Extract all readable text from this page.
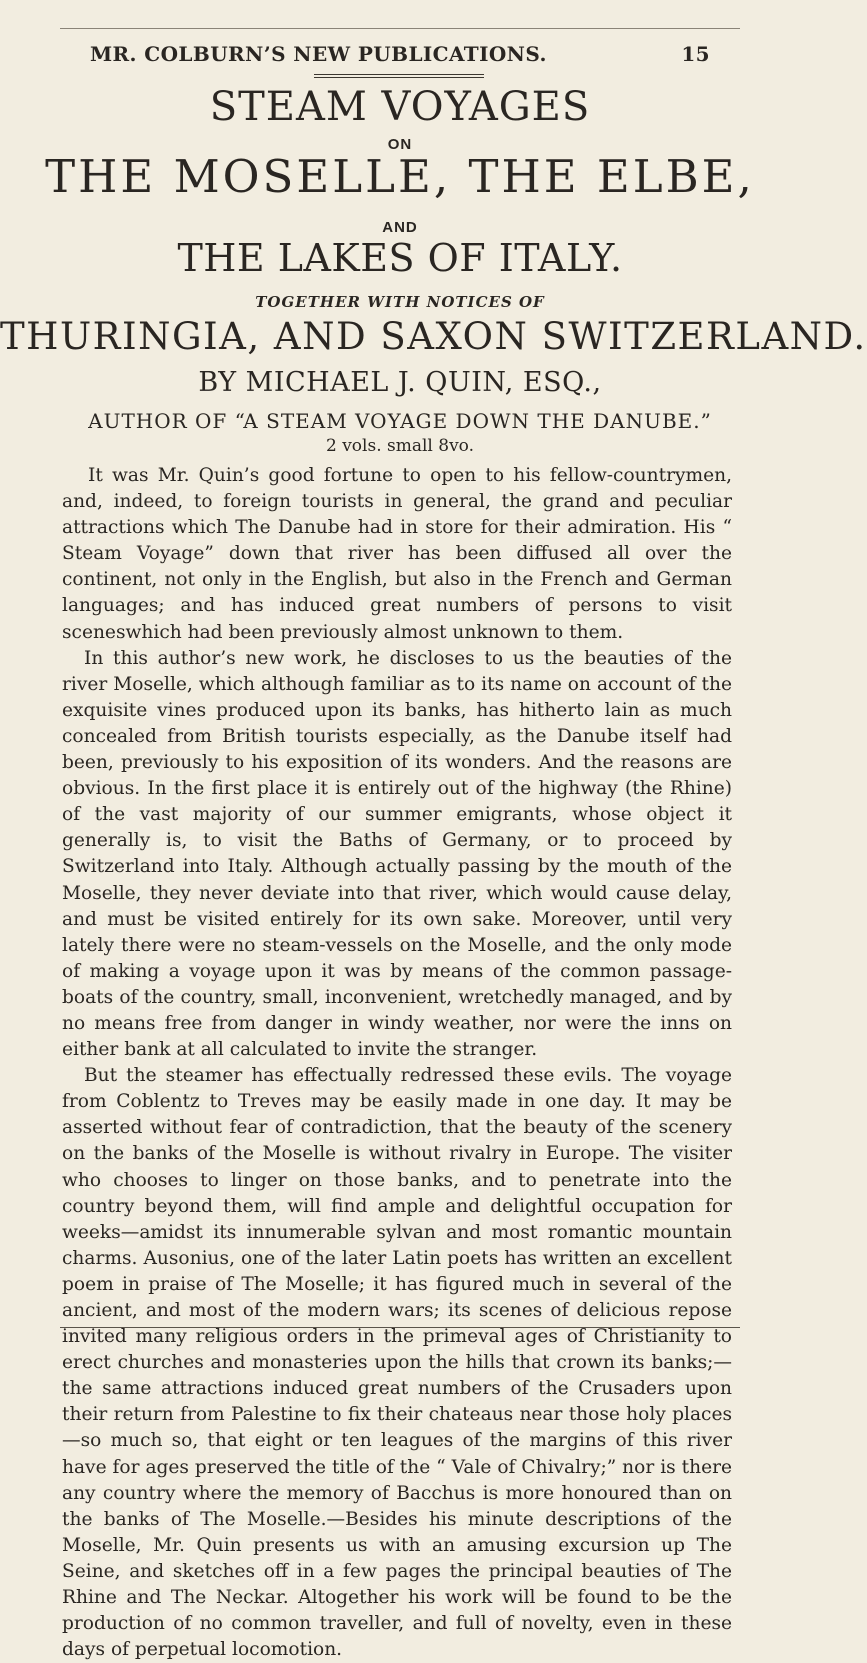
MR. COLBURN’S NEW PUBLICATIONS.	15
STEAM VOYAGES
ON
THE MOSELLE, THE ELBE,
AND
THE LAKES OF ITALY.
TOGETHER WITH NOTICES OF
THURINGIA, AND SAXON SWITZERLAND.
BY MICHAEL J. QUIN, ESQ.,
AUTHOR OF “A STEAM VOYAGE DOWN THE DANUBE.”
2 vols. small 8vo.

It was Mr. Quin’s good fortune to open to his fellow-countrymen, and, indeed, to foreign tourists in general, the grand and peculiar attractions which The Danube had in store for their admiration. His “ Steam Voyage” down that river has been diffused all over the continent, not only in the English, but also in the French and German languages; and has induced great numbers of persons to visit sceneswhich had been previously almost unknown to them.

In this author’s new work, he discloses to us the beauties of the river Moselle, which although familiar as to its name on account of the exquisite vines produced upon its banks, has hitherto lain as much concealed from British tourists especially, as the Danube itself had been, previously to his exposition of its wonders. And the reasons are obvious. In the first place it is entirely out of the highway (the Rhine) of the vast majority of our summer emigrants, whose object it generally is, to visit the Baths of Germany, or to proceed by Switzerland into Italy. Although actually passing by the mouth of the Moselle, they never deviate into that river, which would cause delay, and must be visited entirely for its own sake. Moreover, until very lately there were no steam-vessels on the Moselle, and the only mode of making a voyage upon it was by means of the common passage-boats of the country, small, inconvenient, wretchedly managed, and by no means free from danger in windy weather, nor were the inns on either bank at all calculated to invite the stranger.

But the steamer has effectually redressed these evils. The voyage from Coblentz to Treves may be easily made in one day. It may be asserted without fear of contradiction, that the beauty of the scenery on the banks of the Moselle is without rivalry in Europe. The visiter who chooses to linger on those banks, and to penetrate into the country beyond them, will find ample and delightful occupation for weeks—amidst its innumerable sylvan and most romantic mountain charms. Ausonius, one of the later Latin poets has written an excellent poem in praise of The Moselle; it has figured much in several of the ancient, and most of the modern wars; its scenes of delicious repose invited many religious orders in the primeval ages of Christianity to erect churches and monasteries upon the hills that crown its banks;—the same attractions induced great numbers of the Crusaders upon their return from Palestine to fix their chateaus near those holy places—so much so, that eight or ten leagues of the margins of this river have for ages preserved the title of the “ Vale of Chivalry;” nor is there any country where the memory of Bacchus is more honoured than on the banks of The Moselle.—Besides his minute descriptions of the Moselle, Mr. Quin presents us with an amusing excursion up The Seine, and sketches off in a few pages the principal beauties of The Rhine and The Neckar. Altogether his work will be found to be the production of no common traveller, and full of novelty, even in these days of perpetual locomotion.
